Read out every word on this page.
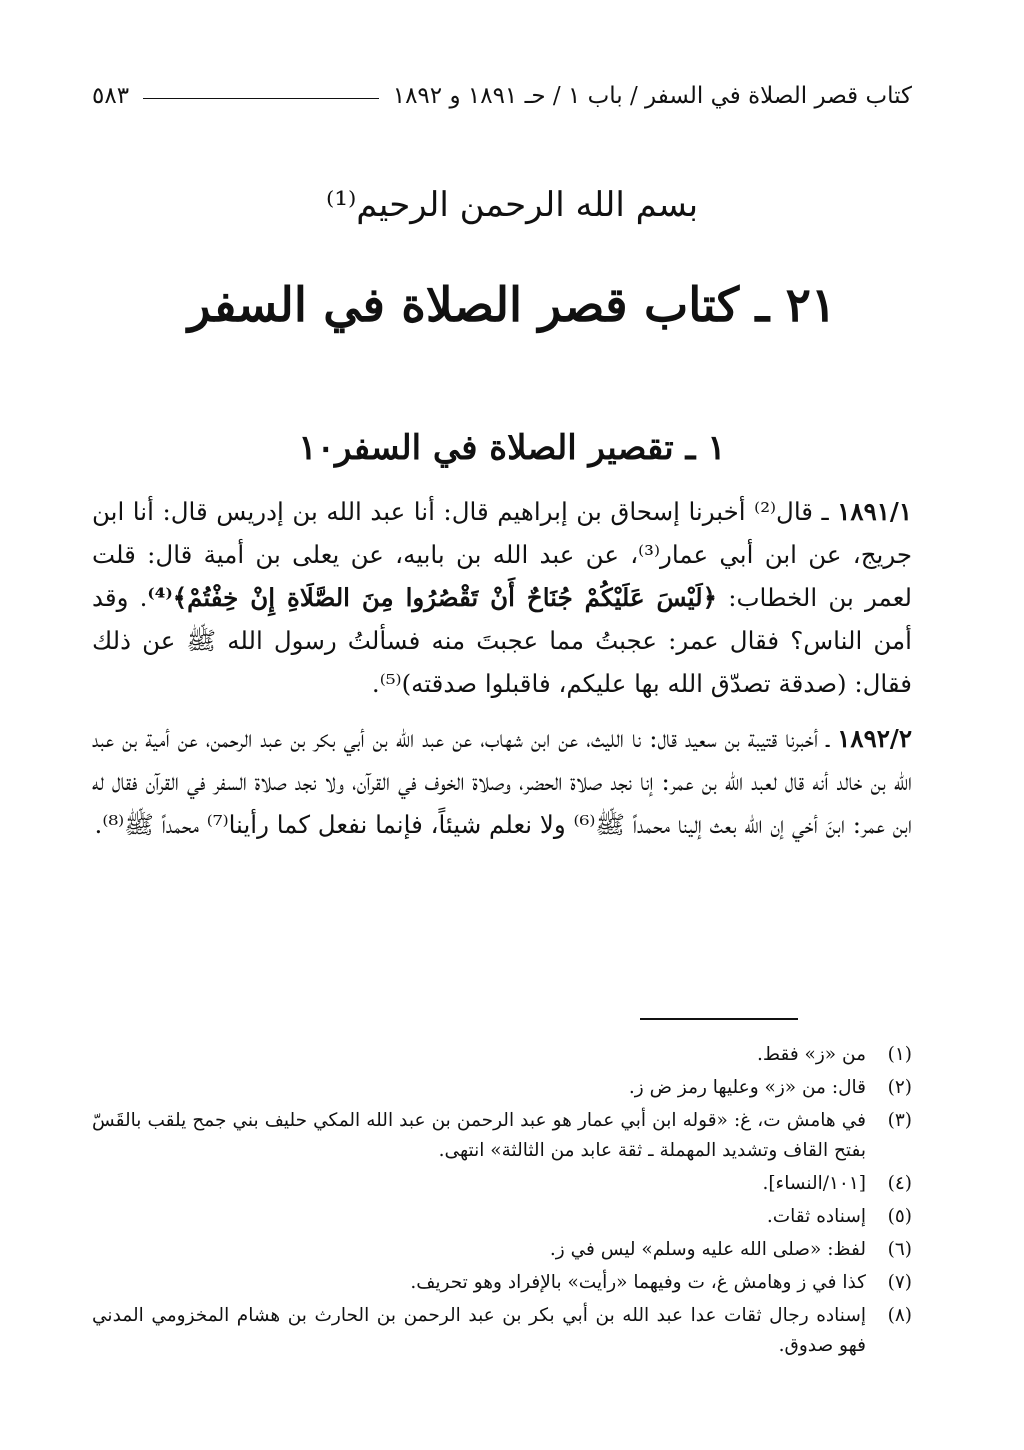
كتاب قصر الصلاة في السفر / باب ١ / حـ ١٨٩١ و ١٨٩٢
٥٨٣
بسم الله الرحمن الرحيم⁽¹⁾
٢١ ـ كتاب قصر الصلاة في السفر
١ ـ تقصير الصلاة في السفر١٠

١٨٩١/١ ـ قال⁽²⁾ أخبرنا إسحاق بن إبراهيم قال: أنا عبد الله بن إدريس قال: أنا ابن جريج، عن ابن أبي عمار⁽³⁾، عن عبد الله بن بابيه، عن يعلى بن أمية قال: قلت لعمر بن الخطاب: ﴿لَيْسَ عَلَيْكُمْ جُنَاحٌ أَنْ تَقْصُرُوا مِنَ الصَّلَاةِ إِنْ خِفْتُمْ﴾⁽⁴⁾. وقد أمن الناس؟ فقال عمر: عجبتُ مما عجبتَ منه فسألتُ رسول الله ﷺ عن ذلك فقال: (صدقة تصدّق الله بها عليكم، فاقبلوا صدقته)⁽⁵⁾.

١٨٩٢/٢ ـ أخبرنا قتيبة بن سعيد قال: نا الليث، عن ابن شهاب، عن عبد الله بن أبي بكر بن عبد الرحمن، عن أمية بن عبد الله بن خالد أنه قال لعبد الله بن عمر: إنا نجد صلاة الحضر، وصلاة الخوف في القرآن، ولا نجد صلاة السفر في القرآن فقال له ابن عمر: ابنَ أخي إن الله بعث إلينا محمداً ﷺ⁽⁶⁾ ولا نعلم شيئاً، فإنما نفعل كما رأينا⁽⁷⁾ محمداً ﷺ⁽⁸⁾.

(١)
من «ز» فقط.
(٢)
قال: من «ز» وعليها رمز ض ز.
(٣)
في هامش ت، غ: «قوله ابن أبي عمار هو عبد الرحمن بن عبد الله المكي حليف بني جمح يلقب بالقَسّ بفتح القاف وتشديد المهملة ـ ثقة عابد من الثالثة» انتهى.
(٤)
[١٠١/النساء].
(٥)
إسناده ثقات.
(٦)
لفظ: «صلى الله عليه وسلم» ليس في ز.
(٧)
كذا في ز وهامش غ، ت وفيهما «رأيت» بالإفراد وهو تحريف.
(٨)
إسناده رجال ثقات عدا عبد الله بن أبي بكر بن عبد الرحمن بن الحارث بن هشام المخزومي المدني فهو صدوق.
